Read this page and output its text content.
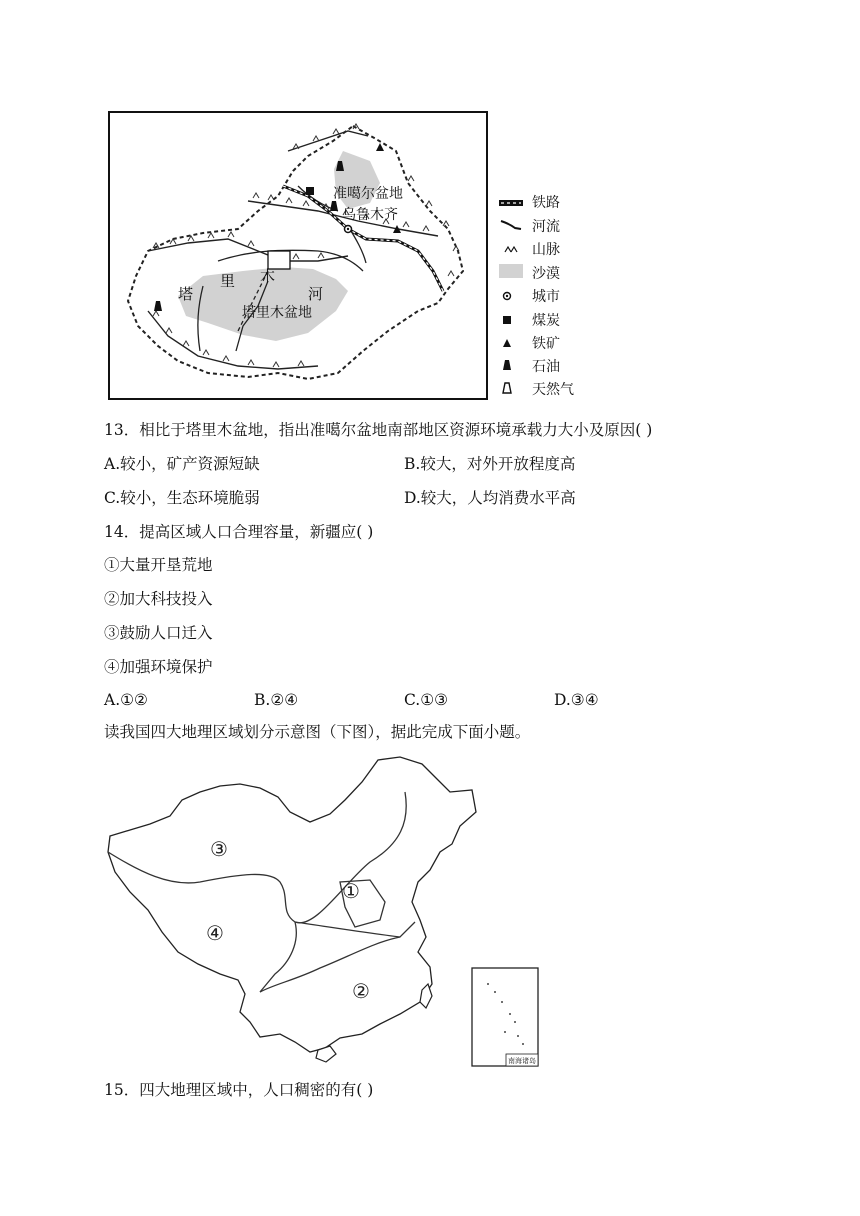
准噶尔盆地
乌鲁木齐
塔
里 木
河
塔里木盆地
铁路
河流
山脉
沙漠
城市
煤炭
铁矿
石油
天然气
13．相比于塔里木盆地，指出准噶尔盆地南部地区资源环境承载力大小及原因( )
A.较小，矿产资源短缺	B.较大，对外开放程度高
C.较小，生态环境脆弱	D.较大，人均消费水平高
14．提高区域人口合理容量，新疆应( )
①大量开垦荒地
②加大科技投入
③鼓励人口迁入
④加强环境保护
A.①②	B.②④	C.①③	D.③④
读我国四大地理区域划分示意图（下图），据此完成下面小题。
③
①
④
②
南海诸岛
15．四大地理区域中，人口稠密的有( )
